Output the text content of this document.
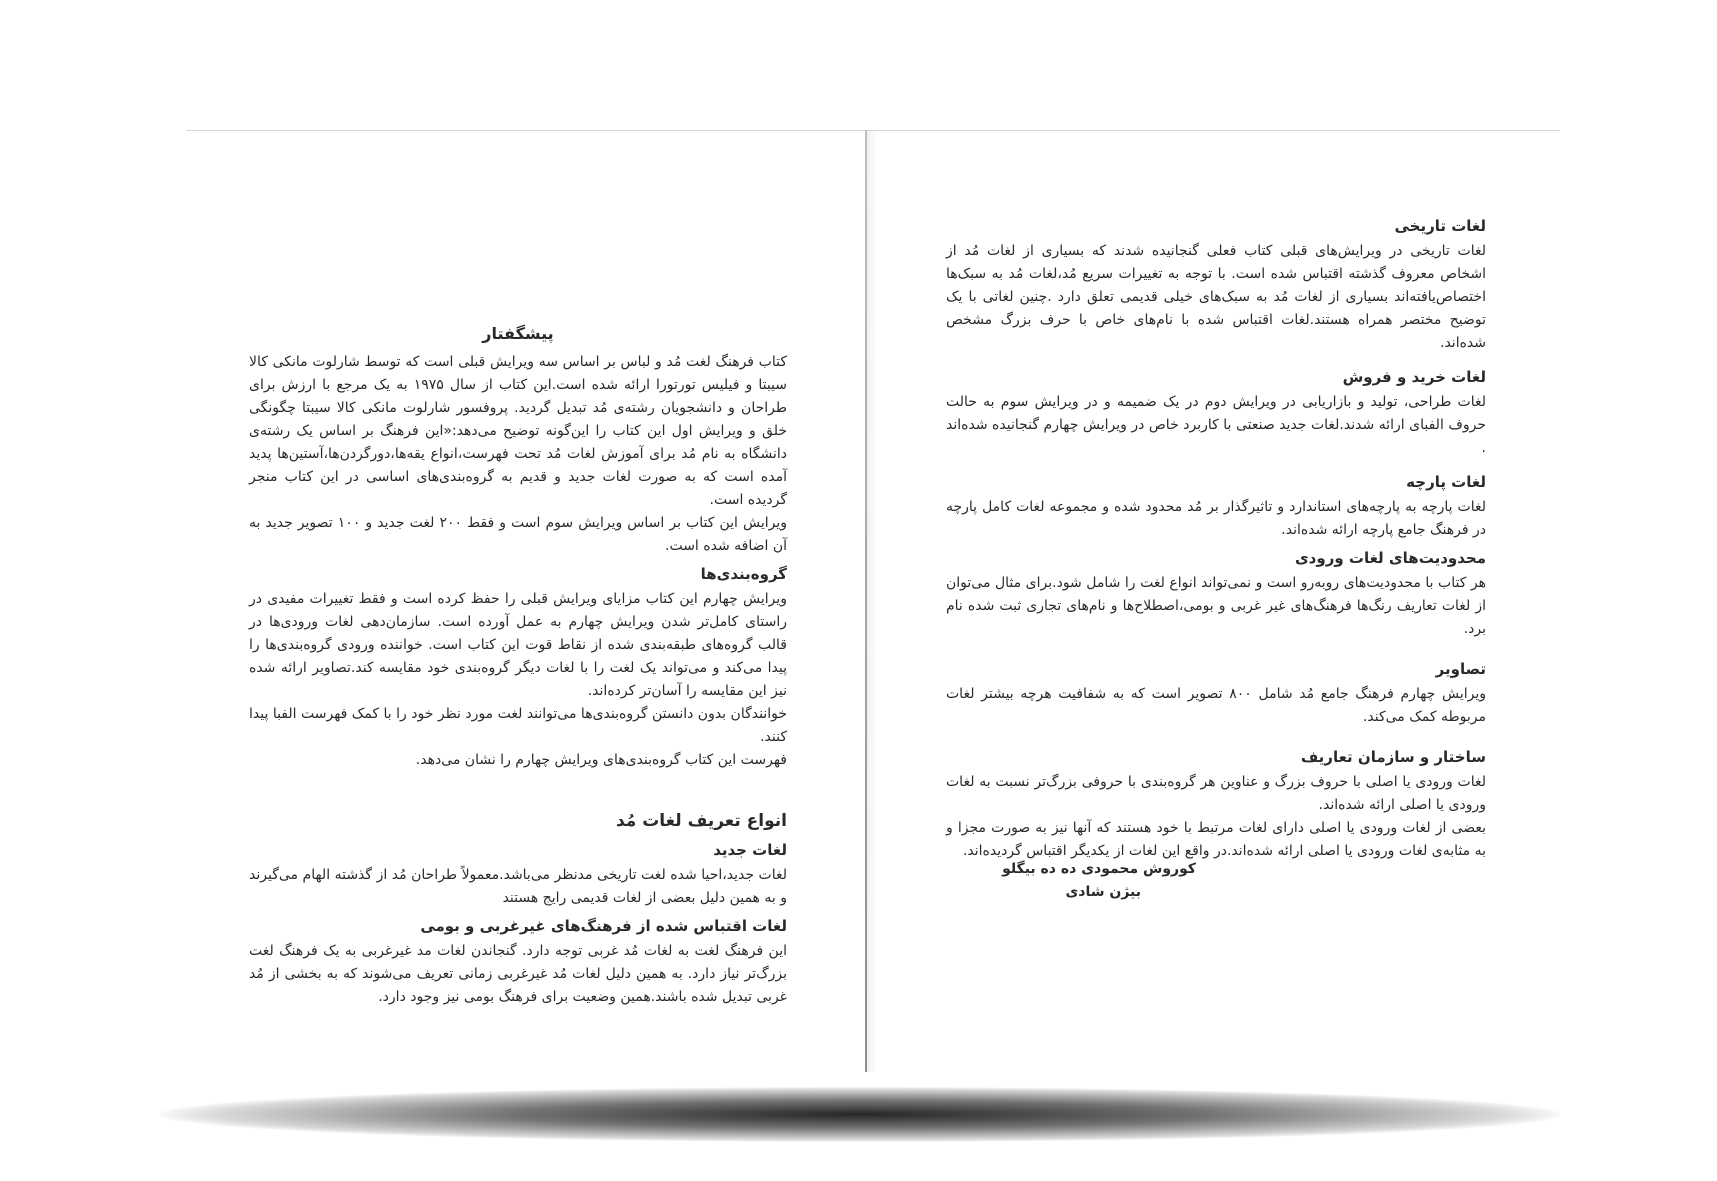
پیشگفتار

کتاب فرهنگ لغت مُد و لباس بر اساس سه ویرایش قبلی است که توسط شارلوت مانکی کالا سیبتا و فیلیس تورتورا ارائه شده است.این کتاب از سال ۱۹۷۵ به یک مرجع با ارزش برای طراحان و دانشجویان رشته‌ی مُد تبدیل گردید. پروفسور شارلوت مانکی کالا سیبتا چگونگی خلق و ویرایش اول این کتاب را این‌گونه توضیح می‌دهد:«این فرهنگ بر اساس یک رشته‌ی دانشگاه به نام مُد برای آموزش لغات مُد تحت فهرست،انواع یقه‌ها،دورگردن‌ها،آستین‌ها پدید آمده است که به صورت لغات جدید و قدیم به گروه‌بندی‌های اساسی در این کتاب منجر گردیده است.

ویرایش این کتاب بر اساس ویرایش سوم است و فقط ۲۰۰ لغت جدید و ۱۰۰ تصویر جدید به آن اضافه شده است.

گروه‌بندی‌ها

ویرایش چهارم این کتاب مزایای ویرایش قبلی را حفظ کرده است و فقط تغییرات مفیدی در راستای کامل‌تر شدن ویرایش چهارم به عمل آورده است. سازمان‌دهی لغات ورودی‌ها در قالب گروه‌های طبقه‌بندی شده از نقاط قوت این کتاب است. خواننده ورودی گروه‌بندی‌ها را پیدا می‌کند و می‌تواند یک لغت را با لغات دیگر گروه‌بندی خود مقایسه کند.تصاویر ارائه شده نیز این مقایسه را آسان‌تر کرده‌اند.

خوانندگان بدون دانستن گروه‌بندی‌ها می‌توانند لغت مورد نظر خود را با کمک فهرست الفبا پیدا کنند.

فهرست این کتاب گروه‌بندی‌های ویرایش چهارم را نشان می‌دهد.

انواع تعریف لغات مُد
لغات جدید

لغات جدید،احیا شده لغت تاریخی مدنظر می‌باشد.معمولاً طراحان مُد از گذشته الهام می‌گیرند و به همین دلیل بعضی از لغات قدیمی رایج هستند

لغات اقتباس شده از فرهنگ‌های غیرغربی و بومی

این فرهنگ لغت به لغات مُد غربی توجه دارد. گنجاندن لغات مد غیرغربی به یک فرهنگ لغت بزرگ‌تر نیاز دارد. به همین دلیل لغات مُد غیرغربی زمانی تعریف می‌شوند که به بخشی از مُد غربی تبدیل شده باشند.همین وضعیت برای فرهنگ بومی نیز وجود دارد.

لغات تاریخی

لغات تاریخی در ویرایش‌های قبلی کتاب فعلی گنجانیده شدند که بسیاری از لغات مُد از اشخاص معروف گذشته اقتباس شده است. با توجه به تغییرات سریع مُد،لغات مُد به سبک‌ها اختصاص‌یافته‌اند بسیاری از لغات مُد به سبک‌های خیلی قدیمی تعلق دارد .چنین لغاتی با یک توضیح مختصر همراه هستند.لغات اقتباس شده با نام‌های خاص با حرف بزرگ مشخص شده‌اند.

لغات خرید و فروش

لغات طراحی، تولید و بازاریابی در ویرایش دوم در یک ضمیمه و در ویرایش سوم به حالت حروف الفبای ارائه شدند.لغات جدید صنعتی با کاربرد خاص در ویرایش چهارم گنجانیده شده‌اند .

لغات پارچه

لغات پارچه به پارچه‌های استاندارد و تاثیرگذار بر مُد محدود شده و مجموعه لغات کامل پارچه در فرهنگ جامع پارچه ارائه شده‌اند.

محدودیت‌های لغات ورودی

هر کتاب با محدودیت‌های روبه‌رو است و نمی‌تواند انواع لغت را شامل شود.برای مثال می‌توان از لغات تعاریف رنگ‌ها فرهنگ‌های غیر غربی و بومی،اصطلاح‌ها و نام‌های تجاری ثبت شده نام برد.

تصاویر

ویرایش چهارم فرهنگ جامع مُد شامل ۸۰۰ تصویر است که به شفافیت هرچه بیشتر لغات مربوطه کمک می‌کند.

ساختار و سازمان تعاریف

لغات ورودی یا اصلی با حروف بزرگ و عناوین هر گروه‌بندی با حروفی بزرگ‌تر نسبت به لغات ورودی یا اصلی ارائه شده‌اند.

بعضی از لغات ورودی یا اصلی دارای لغات مرتبط با خود هستند که آنها نیز به صورت مجزا و به مثابه‌ی لغات ورودی یا اصلی ارائه شده‌اند.در واقع این لغات از یکدیگر اقتباس گردیده‌اند.

کوروش محمودی ده ده بیگلو
بیژن شادی
